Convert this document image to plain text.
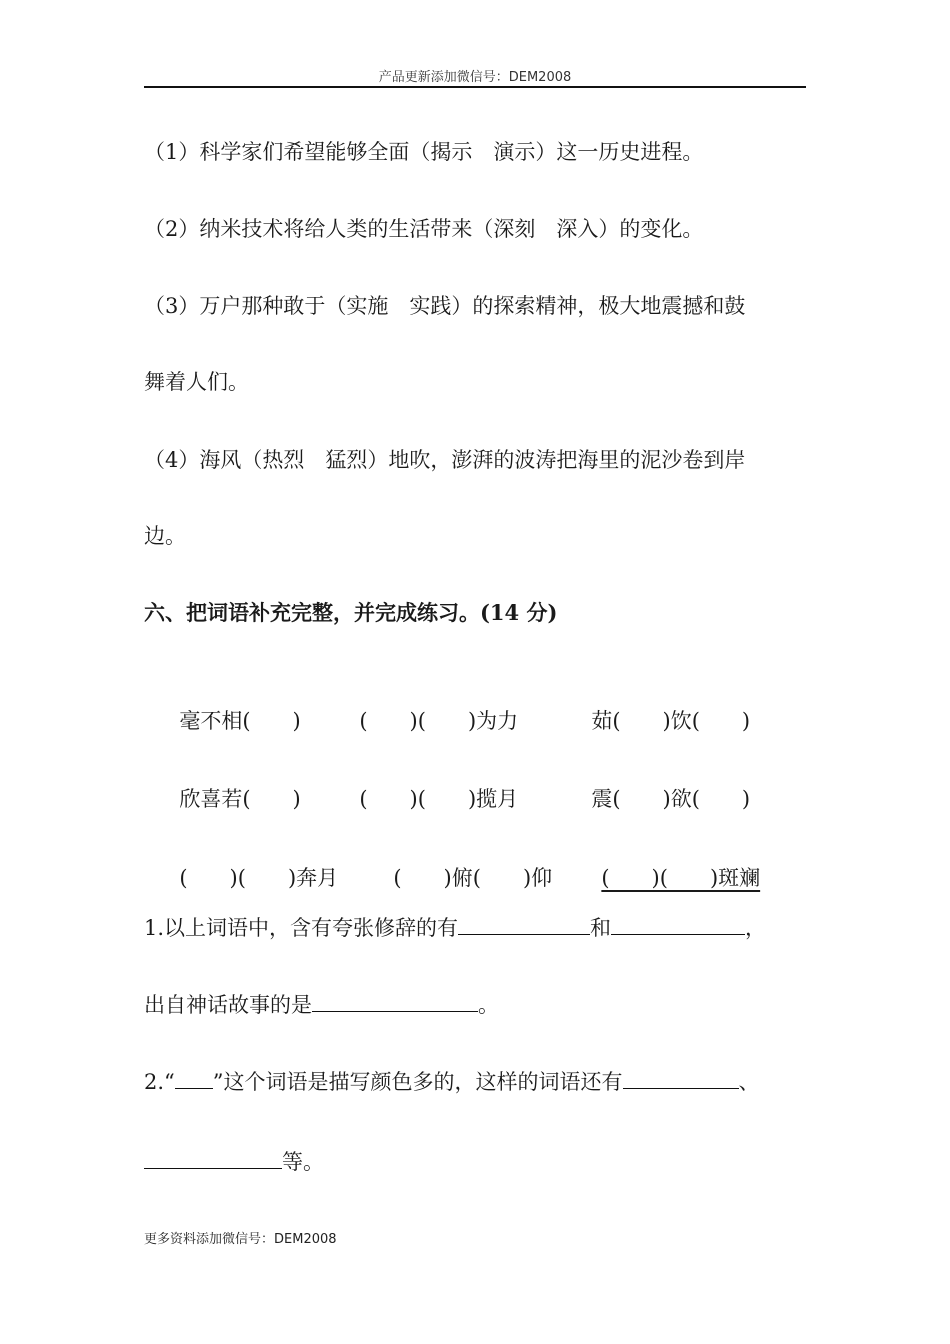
产品更新添加微信号：DEM2008
（1）科学家们希望能够全面（揭示　演示）这一历史进程。
（2）纳米技术将给人类的生活带来（深刻　深入）的变化。
（3）万户那种敢于（实施　实践）的探索精神，极大地震撼和鼓
舞着人们。
（4）海风（热烈　猛烈）地吹，澎湃的波涛把海里的泥沙卷到岸
边。
六、把词语补充完整，并完成练习。(14 分)

毫不相(　　)	(　　)(　　)为力	茹(　　)饮(　　)

欣喜若(　　)	(　　)(　　)揽月	震(　　)欲(　　)

(　　)(　　)奔月	(　　)俯(　　)仰 (　　)(　　)斑斓

1.以上词语中，含有夸张修辞的有	和	，
出自神话故事的是	。
2.“ ”这个词语是描写颜色多的，这样的词语还有	、
等。
更多资料添加微信号：DEM2008
